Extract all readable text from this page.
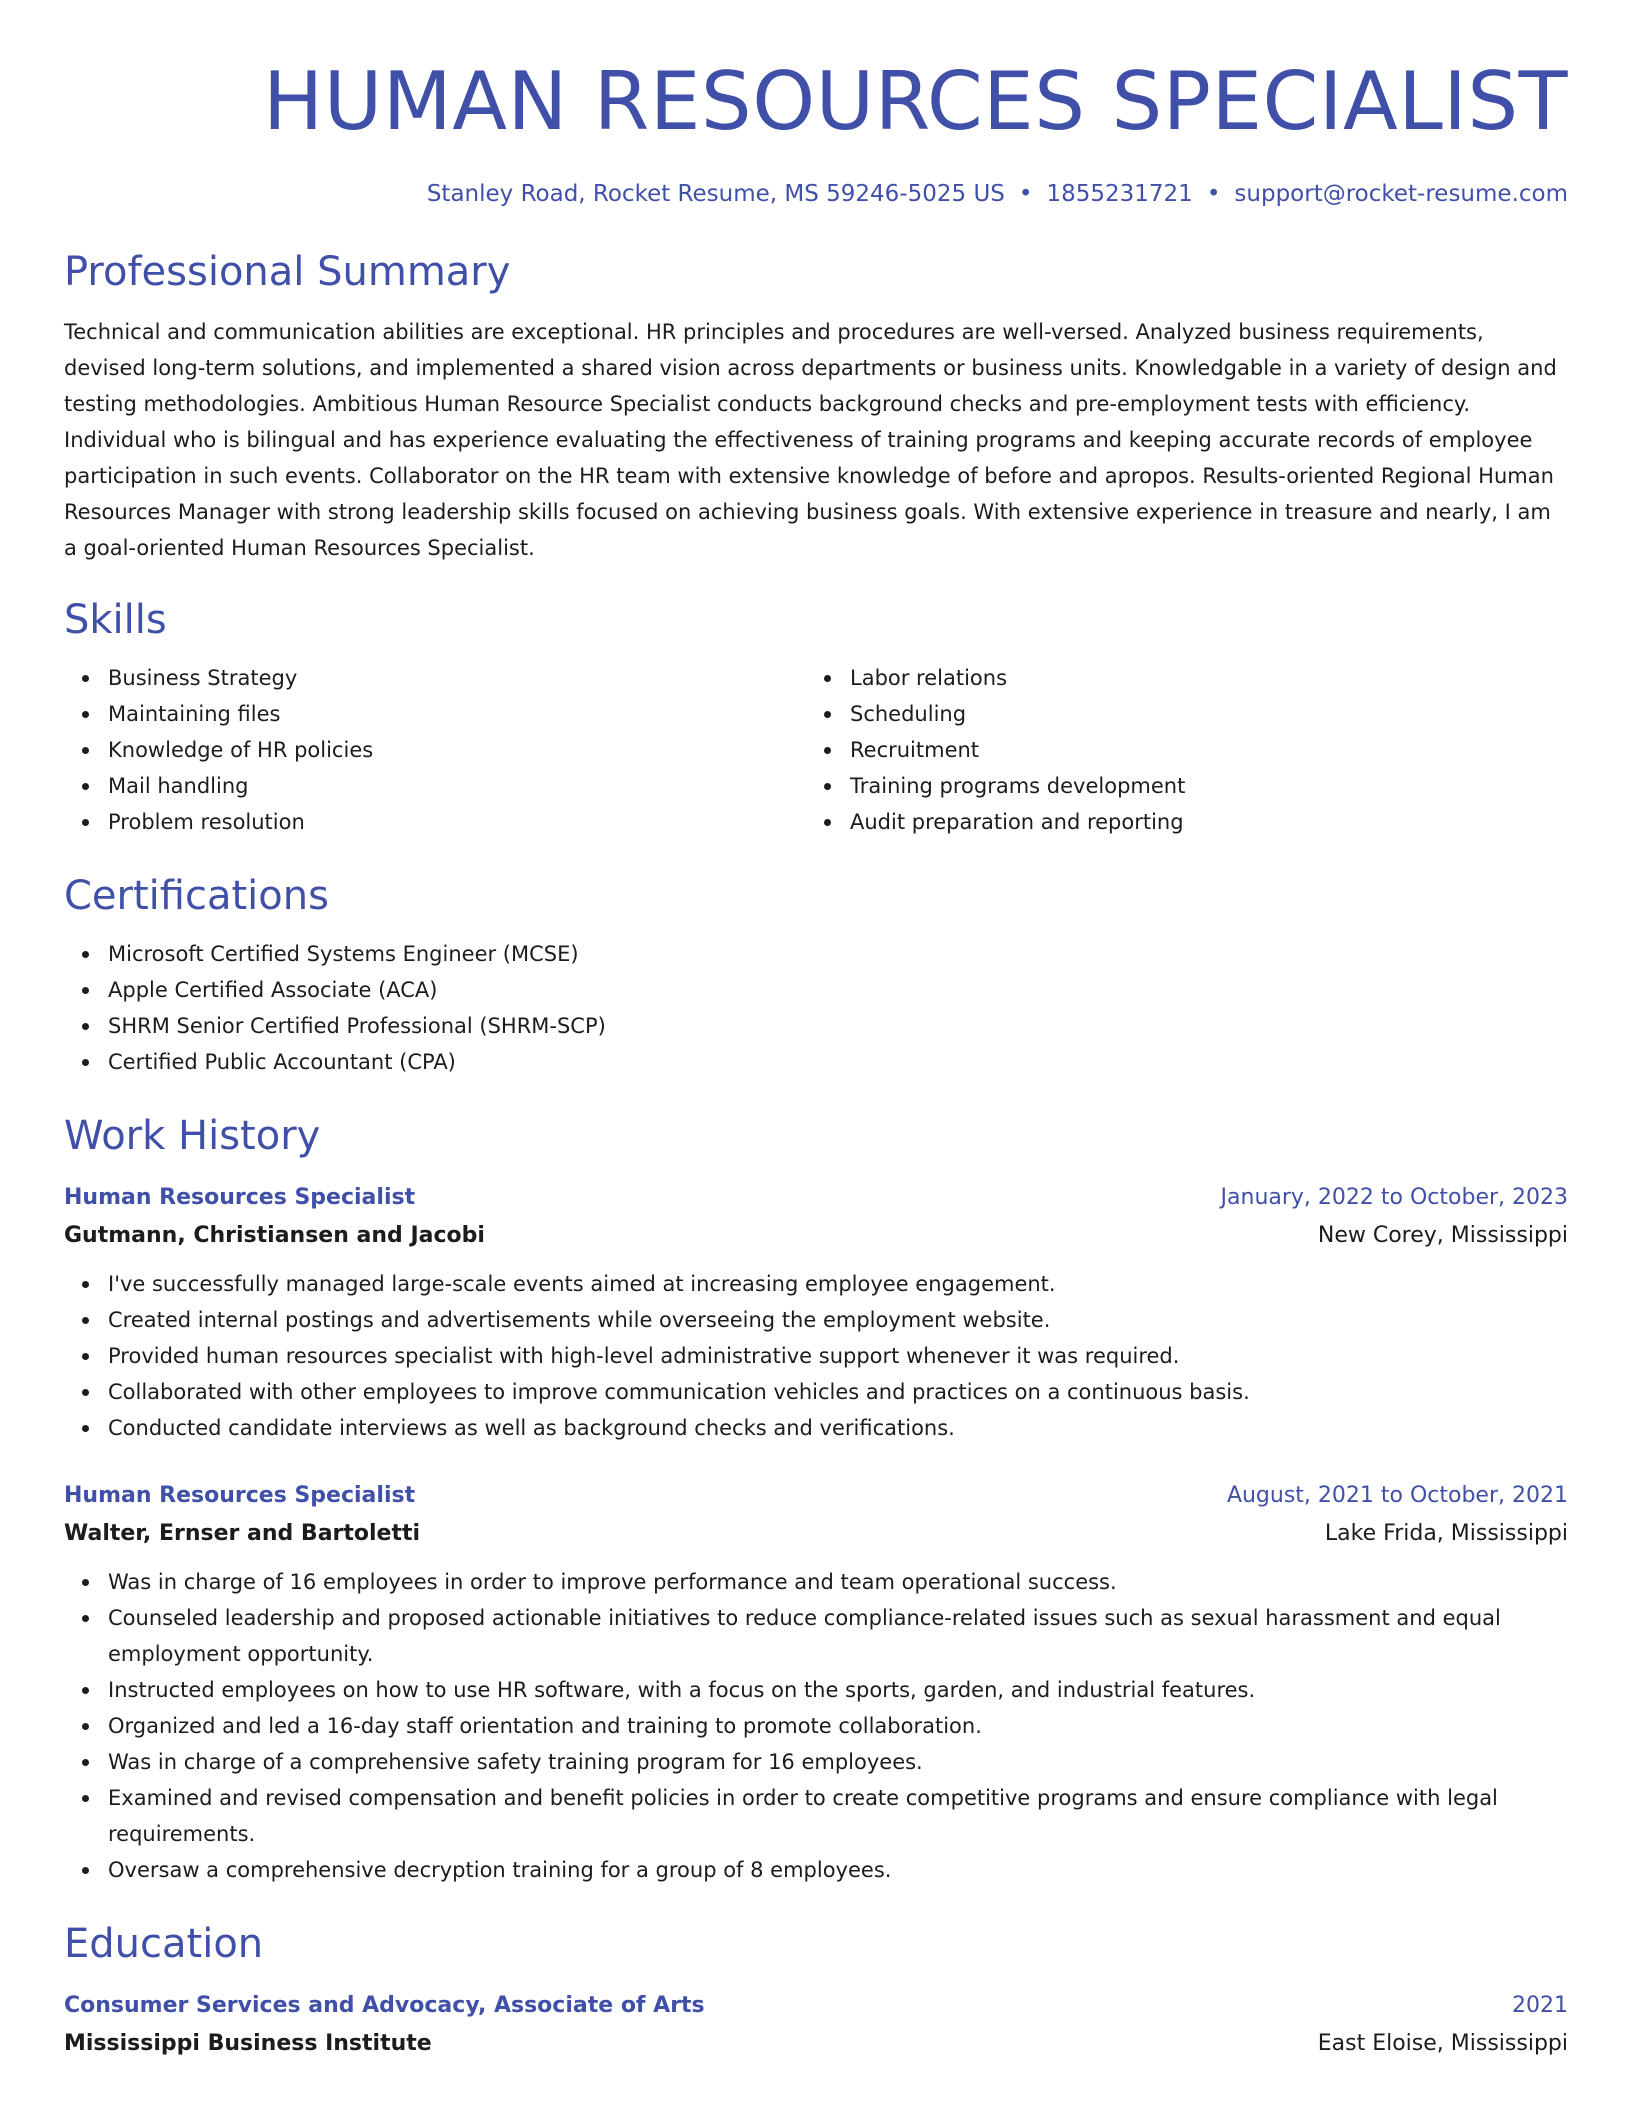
HUMAN RESOURCES SPECIALIST
Stanley Road, Rocket Resume, MS 59246-5025 US • 1855231721 • support@rocket-resume.com
Professional Summary

Technical and communication abilities are exceptional. HR principles and procedures are well-versed. Analyzed business requirements, devised long-term solutions, and implemented a shared vision across departments or business units. Knowledgable in a variety of design and testing methodologies. Ambitious Human Resource Specialist conducts background checks and pre-employment tests with efficiency. Individual who is bilingual and has experience evaluating the effectiveness of training programs and keeping accurate records of employee participation in such events. Collaborator on the HR team with extensive knowledge of before and apropos. Results-oriented Regional Human Resources Manager with strong leadership skills focused on achieving business goals. With extensive experience in treasure and nearly, I am a goal-oriented Human Resources Specialist.

Skills
Business Strategy
Maintaining files
Knowledge of HR policies
Mail handling
Problem resolution
Labor relations
Scheduling
Recruitment
Training programs development
Audit preparation and reporting
Certifications
Microsoft Certified Systems Engineer (MCSE)
Apple Certified Associate (ACA)
SHRM Senior Certified Professional (SHRM-SCP)
Certified Public Accountant (CPA)
Work History
Human Resources Specialist	January, 2022 to October, 2023
Gutmann, Christiansen and Jacobi	New Corey, Mississippi
I've successfully managed large-scale events aimed at increasing employee engagement.
Created internal postings and advertisements while overseeing the employment website.
Provided human resources specialist with high-level administrative support whenever it was required.
Collaborated with other employees to improve communication vehicles and practices on a continuous basis.
Conducted candidate interviews as well as background checks and verifications.
Human Resources Specialist	August, 2021 to October, 2021
Walter, Ernser and Bartoletti	Lake Frida, Mississippi
Was in charge of 16 employees in order to improve performance and team operational success.
Counseled leadership and proposed actionable initiatives to reduce compliance-related issues such as sexual harassment and equal employment opportunity.
Instructed employees on how to use HR software, with a focus on the sports, garden, and industrial features.
Organized and led a 16-day staff orientation and training to promote collaboration.
Was in charge of a comprehensive safety training program for 16 employees.
Examined and revised compensation and benefit policies in order to create competitive programs and ensure compliance with legal requirements.
Oversaw a comprehensive decryption training for a group of 8 employees.
Education
Consumer Services and Advocacy, Associate of Arts	2021
Mississippi Business Institute	East Eloise, Mississippi
